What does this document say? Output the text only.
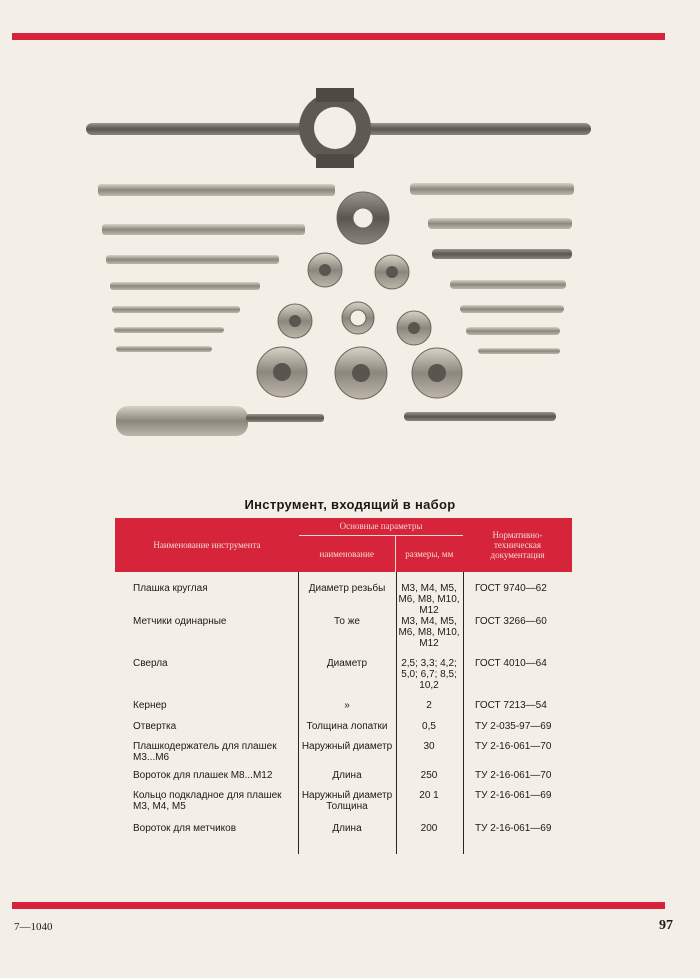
Инструмент, входящий в набор
Наименование инструмента	Основные параметры		Нормативно-техническая документация
	наименование	размеры, мм	
Плашка круглая	Диаметр резьбы	М3, М4, М5, М6, М8, М10, М12	ГОСТ 9740—62
Метчики одинарные	То же	М3, М4, М5, М6, М8, М10, М12	ГОСТ 3266—60
Сверла	Диаметр	2,5; 3,3; 4,2; 5,0; 6,7; 8,5; 10,2	ГОСТ 4010—64
Кернер	»	2	ГОСТ 7213—54
Отвертка	Толщина лопатки	0,5	ТУ 2-035-97—69
Плашкодержатель для плашек М3...М6	Наружный диаметр	30	ТУ 2-16-061—70
Вороток для плашек М8...М12	Длина	250	ТУ 2-16-061—70
Кольцо подкладное для плашек М3, М4, М5	Наружный диаметр Толщина	20 1	ТУ 2-16-061—69
Вороток для метчиков	Длина	200	ТУ 2-16-061—69
7—1040	97
